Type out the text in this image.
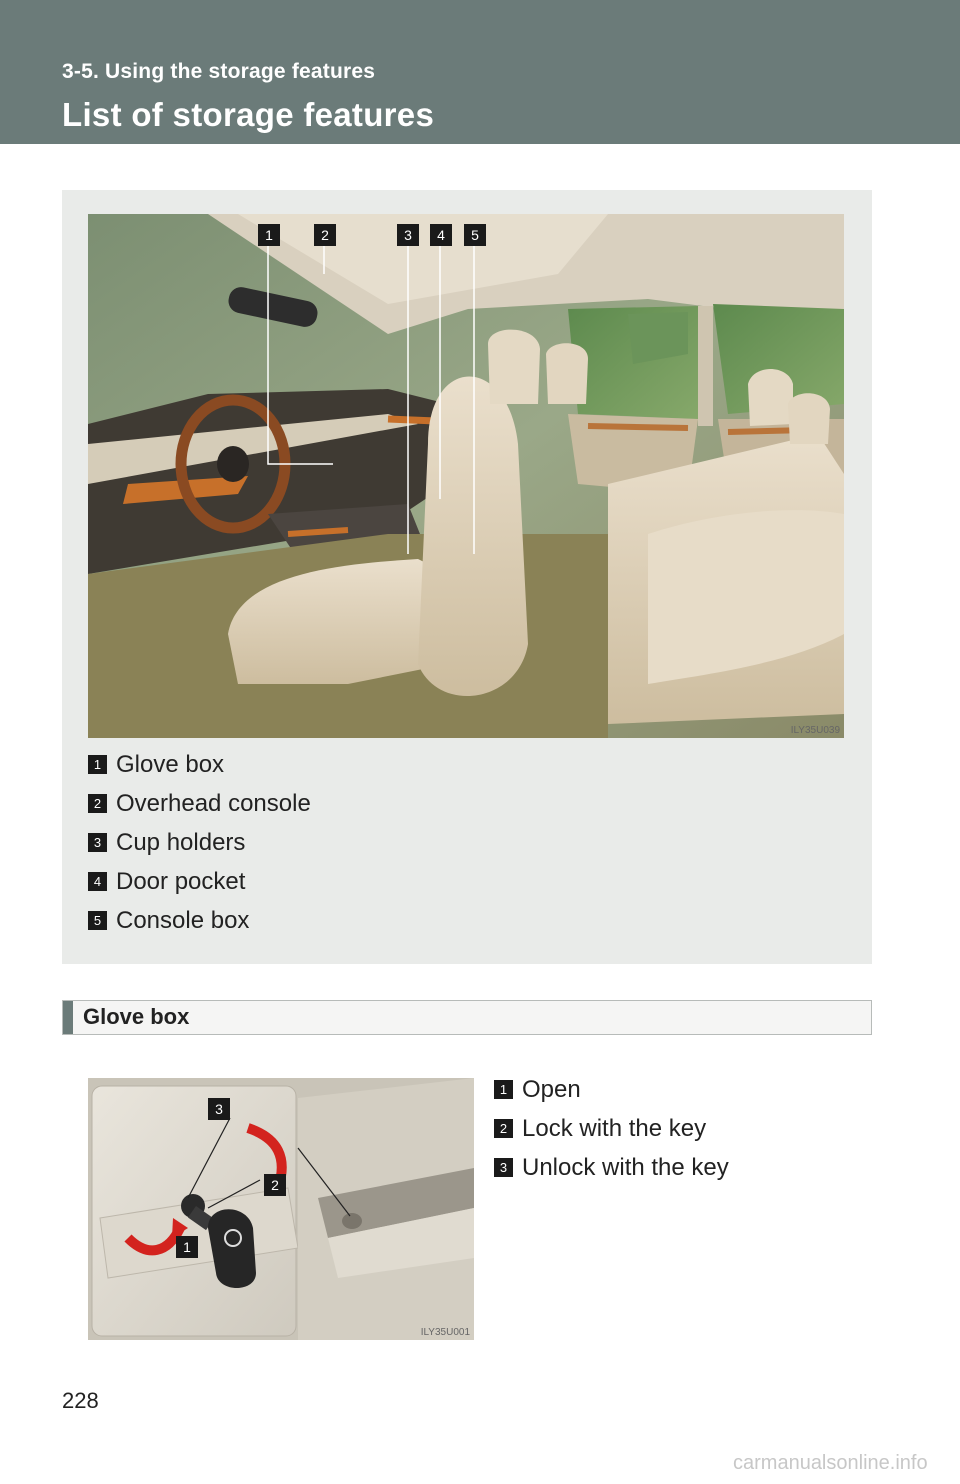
3-5. Using the storage features
List of storage features
1	2	3	4	5
ILY35U039
1 Glove box
2 Overhead console
3 Cup holders
4 Door pocket
5 Console box
Glove box
3
2
1
ILY35U001
1 Open
2 Lock with the key
3 Unlock with the key
228
carmanualsonline.info
